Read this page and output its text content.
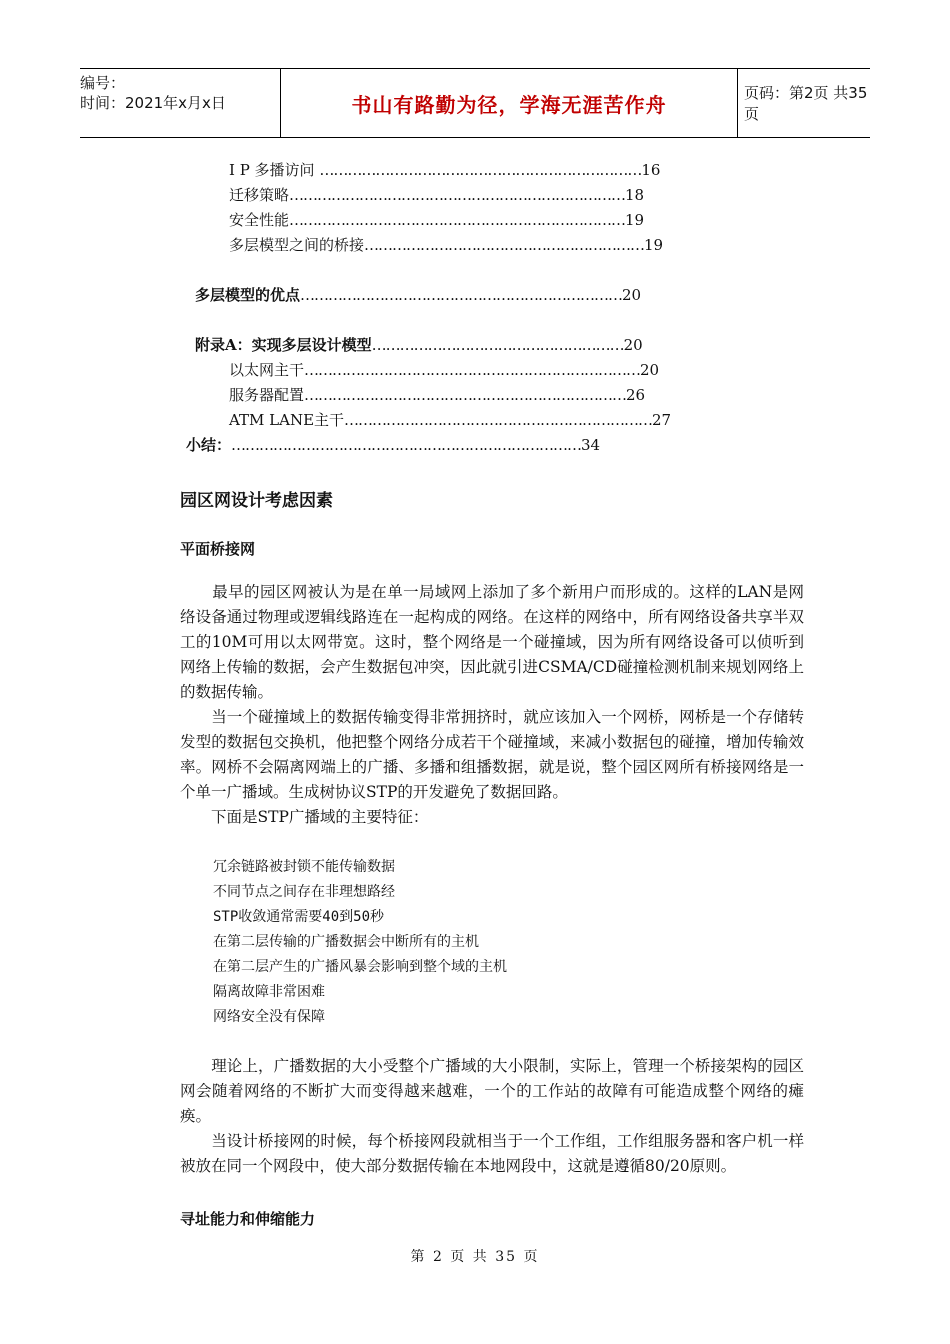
编号：
时间：2021年x月x日	书山有路勤为径，学海无涯苦作舟	页码：第2页 共35页
I P 多播访问 ……………………………………………………………16
迁移策略………………………………………………………………18
安全性能………………………………………………………………19
多层模型之间的桥接……………………………………………………19
多层模型的优点……………………………………………………………20
附录A：实现多层设计模型………………………………………………20
以太网主干………………………………………………………………20
服务器配置……………………………………………………………26
ATM LANE主干…………………………………………………………27
小结：…………………………………………………………………34
园区网设计考虑因素
平面桥接网

　　最早的园区网被认为是在单一局域网上添加了多个新用户而形成的。这样的LAN是网络设备通过物理或逻辑线路连在一起构成的网络。在这样的网络中，所有网络设备共享半双工的10M可用以太网带宽。这时，整个网络是一个碰撞域，因为所有网络设备可以侦听到网络上传输的数据，会产生数据包冲突，因此就引进CSMA/CD碰撞检测机制来规划网络上的数据传输。

　　当一个碰撞域上的数据传输变得非常拥挤时，就应该加入一个网桥，网桥是一个存储转发型的数据包交换机，他把整个网络分成若干个碰撞域，来减小数据包的碰撞，增加传输效率。网桥不会隔离网端上的广播、多播和组播数据，就是说，整个园区网所有桥接网络是一个单一广播域。生成树协议STP的开发避免了数据回路。

　　下面是STP广播域的主要特征：

冗余链路被封锁不能传输数据
不同节点之间存在非理想路经
STP收敛通常需要40到50秒
在第二层传输的广播数据会中断所有的主机
在第二层产生的广播风暴会影响到整个域的主机
隔离故障非常困难
网络安全没有保障

　　理论上，广播数据的大小受整个广播域的大小限制，实际上，管理一个桥接架构的园区网会随着网络的不断扩大而变得越来越难，一个的工作站的故障有可能造成整个网络的瘫痪。

　　当设计桥接网的时候，每个桥接网段就相当于一个工作组，工作组服务器和客户机一样被放在同一个网段中，使大部分数据传输在本地网段中，这就是遵循80/20原则。

寻址能力和伸缩能力
第 2 页 共 35 页
